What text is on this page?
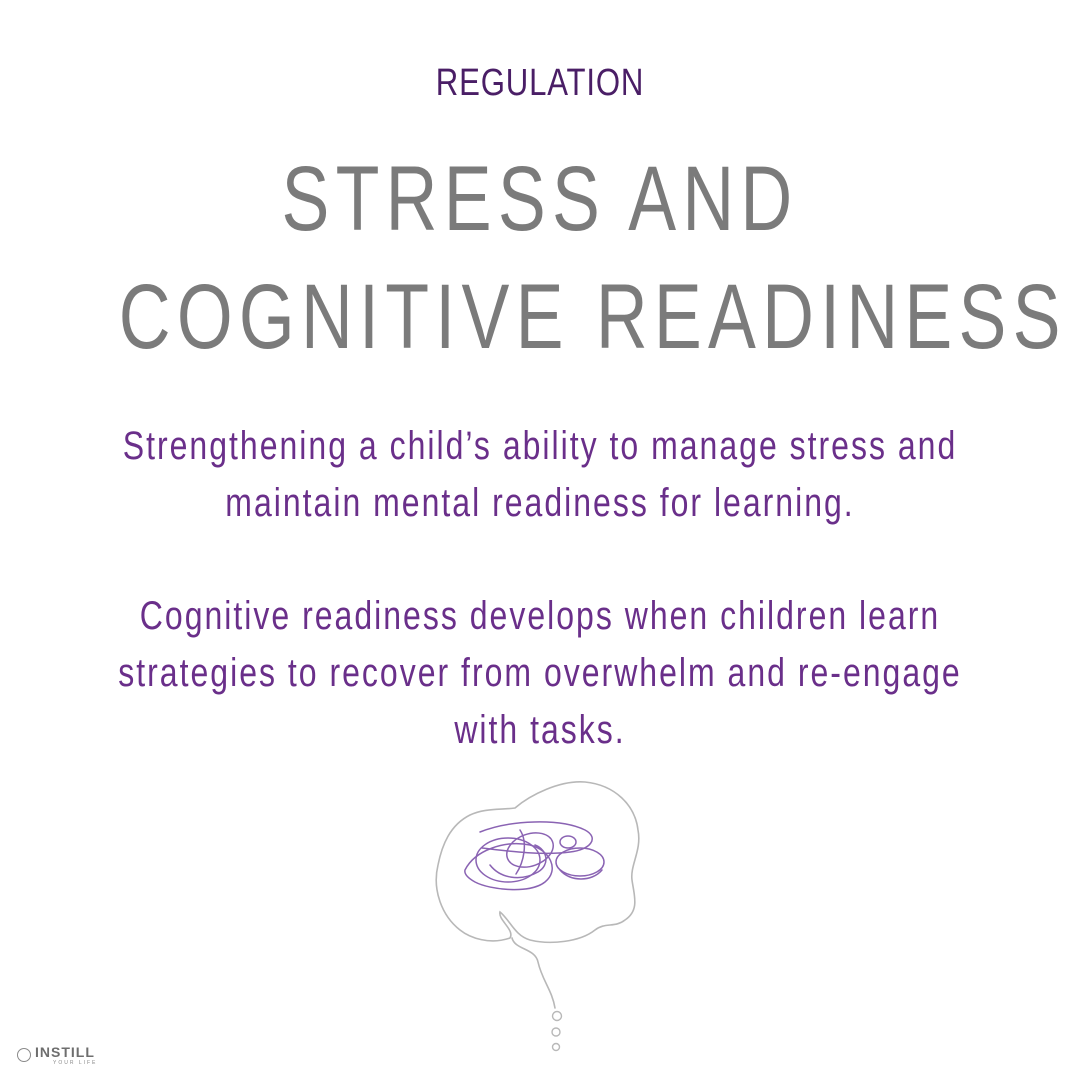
REGULATION
STRESS AND
COGNITIVE READINESS
Strengthening a child’s ability to manage stress and
maintain mental readiness for learning.
Cognitive readiness develops when children learn
strategies to recover from overwhelm and re-engage
with tasks.
INSTILL
YOUR LIFE
